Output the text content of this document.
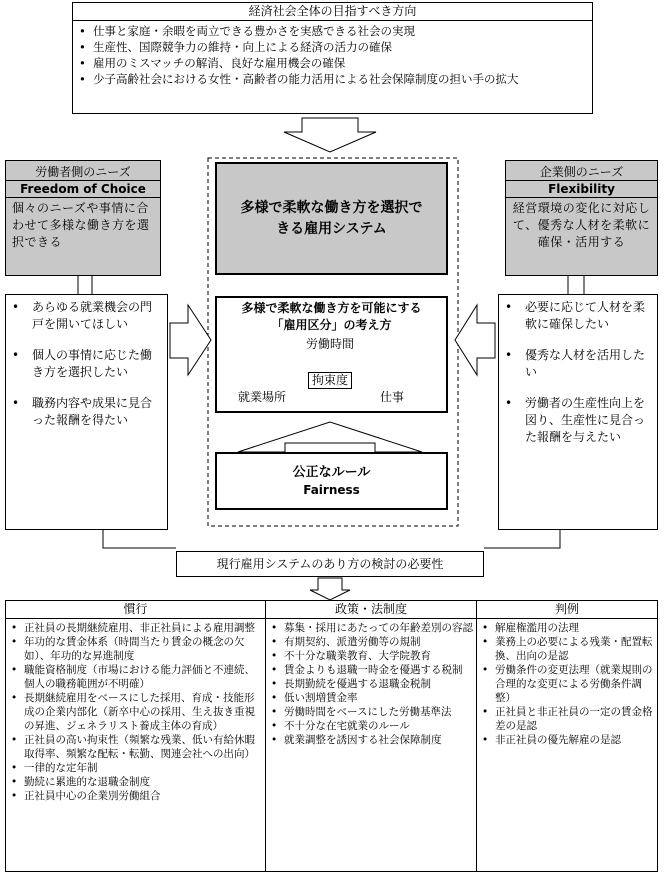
経済社会全体の目指すべき方向
• 仕事と家庭・余暇を両立できる豊かさを実感できる社会の実現
• 生産性、国際競争力の維持・向上による経済の活力の確保
• 雇用のミスマッチの解消、良好な雇用機会の確保
• 少子高齢社会における女性・高齢者の能力活用による社会保障制度の担い手の拡大
労働者側のニーズ
Freedom of Choice
個々のニーズや事情に合わせて多様な働き方を選択できる
企業側のニーズ
Flexibility
経営環境の変化に対応して、優秀な人材を柔軟に確保・活用する
• あらゆる就業機会の門戸を開いてほしい
• 個人の事情に応じた働き方を選択したい
• 職務内容や成果に見合った報酬を得たい
• 必要に応じて人材を柔軟に確保したい
• 優秀な人材を活用したい
• 労働者の生産性向上を図り、生産性に見合った報酬を与えたい
多様で柔軟な働き方を選択できる雇用システム
多様で柔軟な働き方を可能にする
「雇用区分」の考え方
労働時間
拘束度
就業場所	仕事
公正なルール
Fairness
現行雇用システムのあり方の検討の必要性
慣行
• 正社員の長期継続雇用、非正社員による雇用調整
• 年功的な賃金体系（時間当たり賃金の概念の欠如）、年功的な昇進制度
• 職能資格制度（市場における能力評価と不連続、個人の職務範囲が不明確）
• 長期継続雇用をベースにした採用、育成・技能形成の企業内部化（新卒中心の採用、生え抜き重視の昇進、ジェネラリスト養成主体の育成）
• 正社員の高い拘束性（頻繁な残業、低い有給休暇取得率、頻繁な配転・転勤、関連会社への出向）
• 一律的な定年制
• 勤続に累進的な退職金制度
• 正社員中心の企業別労働組合
政策・法制度
• 募集・採用にあたっての年齢差別の容認
• 有期契約、派遣労働等の規制
• 不十分な職業教育、大学院教育
• 賃金よりも退職一時金を優遇する税制
• 長期勤続を優遇する退職金税制
• 低い割増賃金率
• 労働時間をベースにした労働基準法
• 不十分な在宅就業のルール
• 就業調整を誘因する社会保障制度
判例
• 解雇権濫用の法理
• 業務上の必要による残業・配置転換、出向の是認
• 労働条件の変更法理（就業規則の合理的な変更による労働条件調整）
• 正社員と非正社員の一定の賃金格差の是認
• 非正社員の優先解雇の是認
